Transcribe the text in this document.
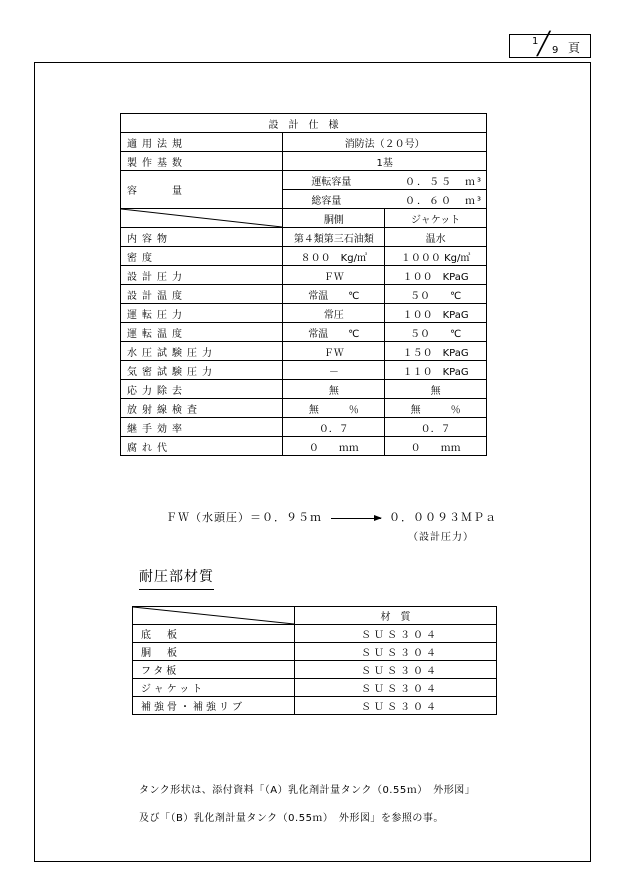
1
╱ 9 頁
設　計　仕　様		
適用法規	消防法（２０号）	
製作基数	1基	
容　　量	運転容量 ０．５５　ｍ³	

	総容量 ０．６０　ｍ³	

	胴側	ジャケット
内容物	第４類第三石油類	温水
密度	８００　Kg/㎥	１０００ Kg/㎥
設計圧力	ＦＷ	１００　KPaG
設計温度	常温　　℃	５０　　℃
運転圧力	常圧	１００　KPaG
運転温度	常温　　℃	５０　　℃
水圧試験圧力	ＦＷ	１５０　KPaG
気密試験圧力	－	１１０　KPaG
応力除去	無	無
放射線検査	無　　　％	無　　　％
継手効率	０．７	０．７
腐れ代	０　　ｍｍ	０　　ｍｍ
ＦＷ（水頭圧）＝０．９５ｍ	０．００９３ＭＰａ
（設計圧力）
耐圧部材質
	材　質
底　板	ＳＵＳ３０４
胴　板	ＳＵＳ３０４
フタ板	ＳＵＳ３０４
ジャケット	ＳＵＳ３０４
補強骨・補強リブ	ＳＵＳ３０４
タンク形状は、添付資料「（A）乳化剤計量タンク（0.55ｍ）　外形図」
及び「（B）乳化剤計量タンク（0.55ｍ）　外形図」を参照の事。
